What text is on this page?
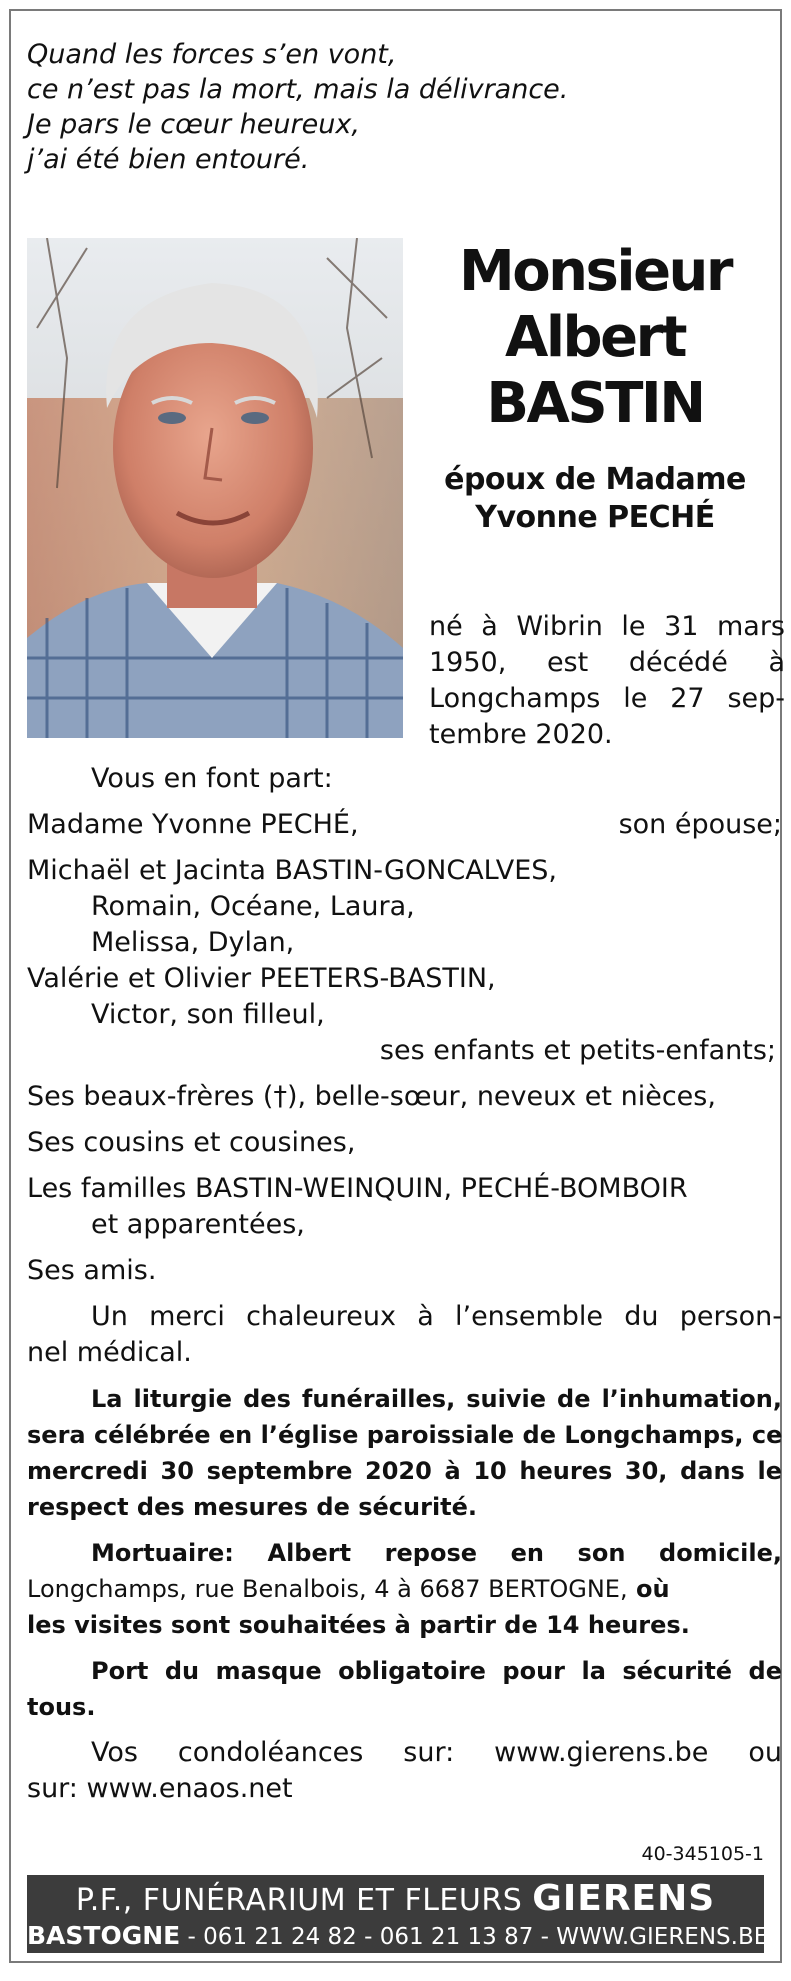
Quand les forces s’en vont,
ce n’est pas la mort, mais la délivrance.
Je pars le cœur heureux,
j’ai été bien entouré.
Monsieur
Albert
BASTIN
époux de Madame
Yvonne PECHÉ
né à Wibrin le 31 mars
1950, est décédé à
Longchamps le 27 sep-
tembre 2020.
Vous en font part:
Madame Yvonne PECHÉ,	son épouse;
Michaël et Jacinta BASTIN-GONCALVES,
Romain, Océane, Laura,
Melissa, Dylan,
Valérie et Olivier PEETERS-BASTIN,
Victor, son filleul,
ses enfants et petits-enfants;
Ses beaux-frères (†), belle-sœur, neveux et nièces,
Ses cousins et cousines,
Les familles BASTIN-WEINQUIN, PECHÉ-BOMBOIR
et apparentées,
Ses amis.
Un merci chaleureux à l’ensemble du person-
nel médical.
La liturgie des funérailles, suivie de l’inhumation,
sera célébrée en l’église paroissiale de Longchamps, ce
mercredi 30 septembre 2020 à 10 heures 30, dans le
respect des mesures de sécurité.
Mortuaire: Albert repose en son domicile,
Longchamps, rue Benalbois, 4 à 6687 BERTOGNE, où
les visites sont souhaitées à partir de 14 heures.
Port du masque obligatoire pour la sécurité de
tous.
Vos condoléances sur: www.gierens.be ou
sur: www.enaos.net
40-345105-1
P.F., FUNÉRARIUM ET FLEURS GIERENS
BASTOGNE - 061 21 24 82 - 061 21 13 87 - WWW.GIERENS.BE
